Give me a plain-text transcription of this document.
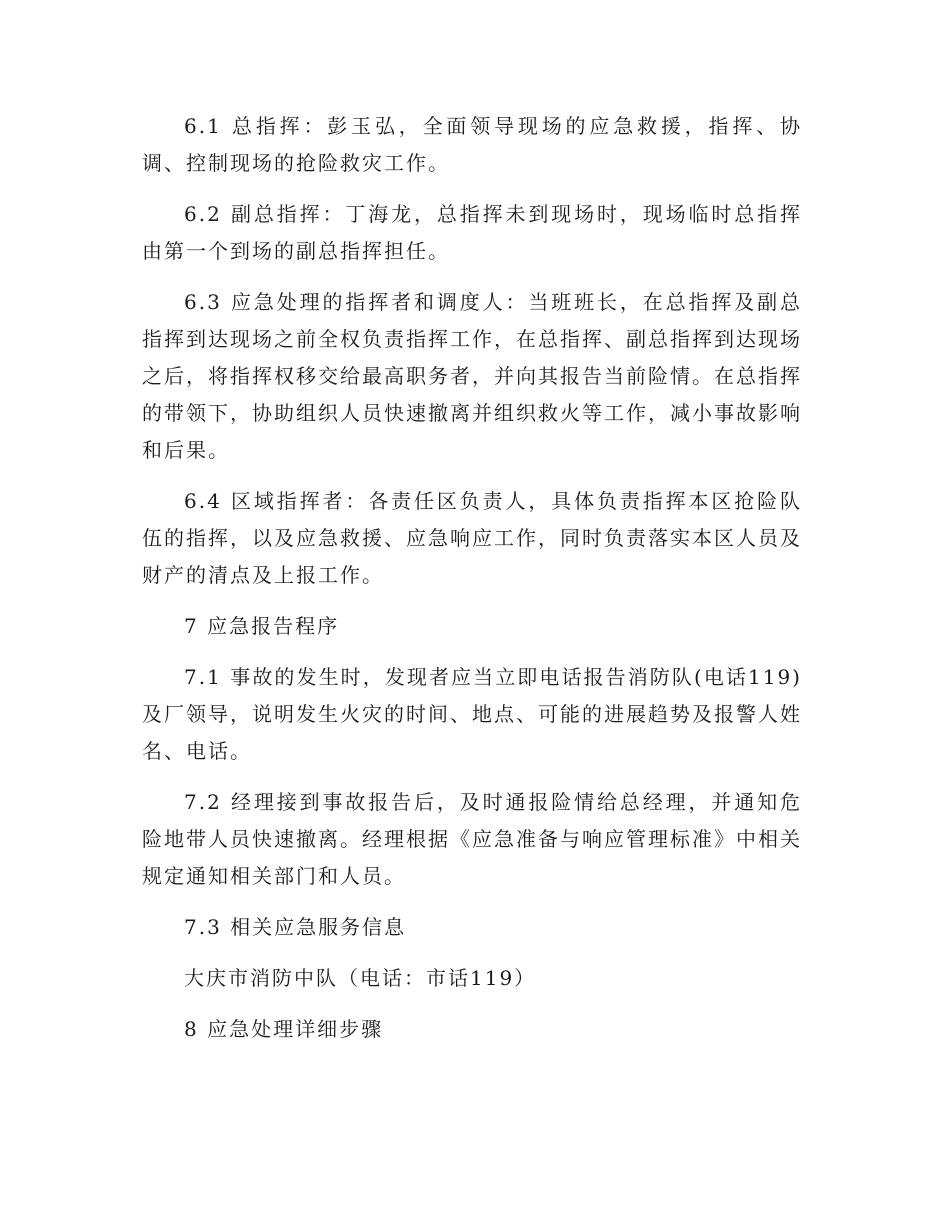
6.1 总指挥：彭玉弘，全面领导现场的应急救援，指挥、协调、控制现场的抢险救灾工作。

6.2 副总指挥：丁海龙，总指挥未到现场时，现场临时总指挥由第一个到场的副总指挥担任。

6.3 应急处理的指挥者和调度人：当班班长，在总指挥及副总指挥到达现场之前全权负责指挥工作，在总指挥、副总指挥到达现场之后，将指挥权移交给最高职务者，并向其报告当前险情。在总指挥的带领下，协助组织人员快速撤离并组织救火等工作，减小事故影响和后果。

6.4 区域指挥者：各责任区负责人，具体负责指挥本区抢险队伍的指挥，以及应急救援、应急响应工作，同时负责落实本区人员及财产的清点及上报工作。

7 应急报告程序

7.1 事故的发生时，发现者应当立即电话报告消防队(电话119)及厂领导，说明发生火灾的时间、地点、可能的进展趋势及报警人姓名、电话。

7.2 经理接到事故报告后，及时通报险情给总经理，并通知危险地带人员快速撤离。经理根据《应急准备与响应管理标准》中相关规定通知相关部门和人员。

7.3 相关应急服务信息

大庆市消防中队（电话：市话119）

8 应急处理详细步骤
